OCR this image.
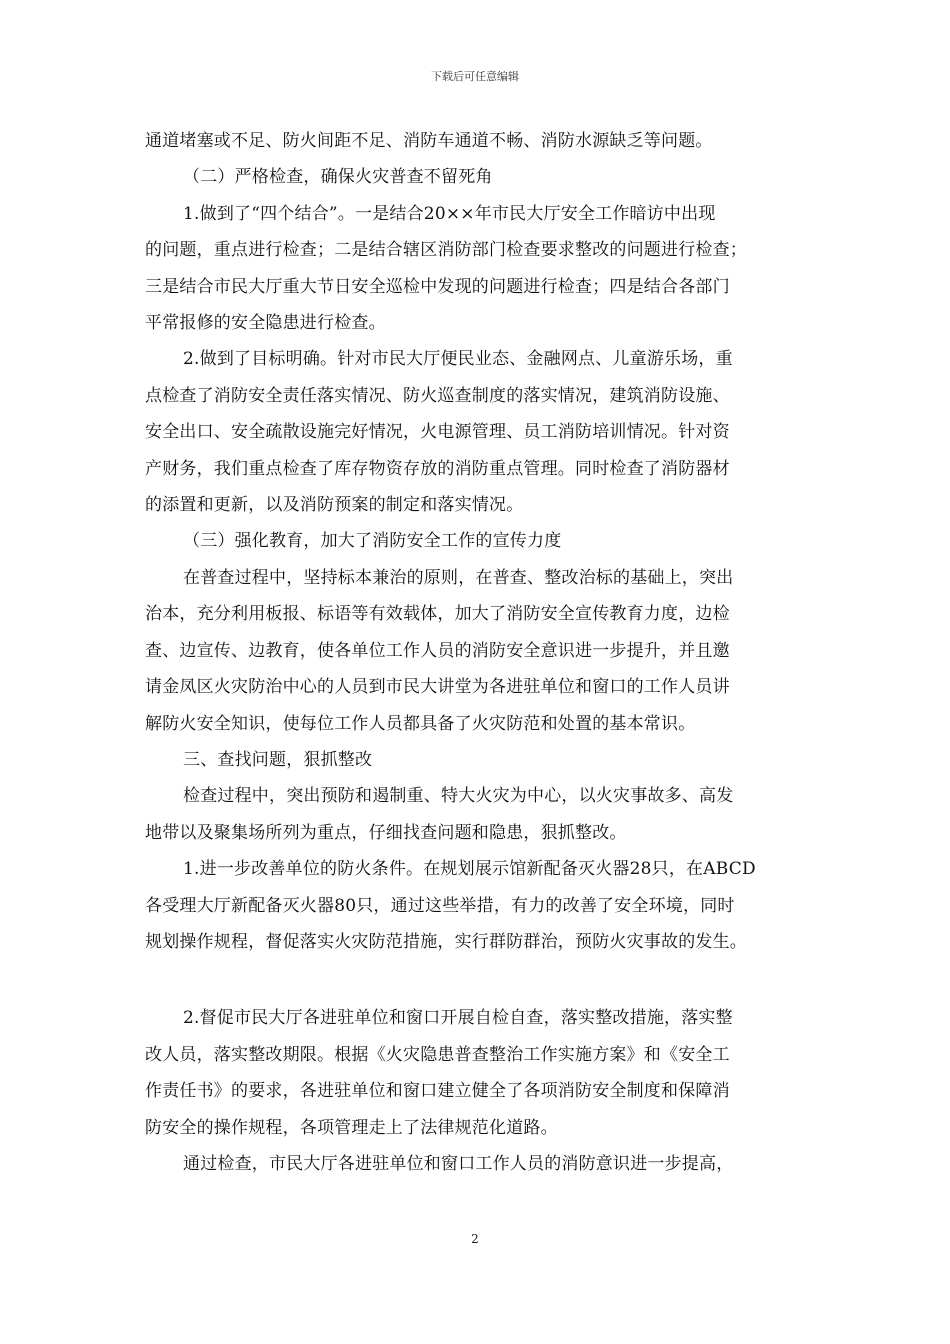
下载后可任意编辑

通道堵塞或不足、防火间距不足、消防车通道不畅、消防水源缺乏等问题。

（二）严格检查，确保火灾普查不留死角

1.做到了“四个结合”。一是结合20××年市民大厅安全工作暗访中出现
的问题，重点进行检查；二是结合辖区消防部门检查要求整改的问题进行检查；
三是结合市民大厅重大节日安全巡检中发现的问题进行检查；四是结合各部门
平常报修的安全隐患进行检查。

2.做到了目标明确。针对市民大厅便民业态、金融网点、儿童游乐场，重
点检查了消防安全责任落实情况、防火巡查制度的落实情况，建筑消防设施、
安全出口、安全疏散设施完好情况，火电源管理、员工消防培训情况。针对资
产财务，我们重点检查了库存物资存放的消防重点管理。同时检查了消防器材
的添置和更新，以及消防预案的制定和落实情况。

（三）强化教育，加大了消防安全工作的宣传力度

在普查过程中，坚持标本兼治的原则，在普查、整改治标的基础上，突出
治本，充分利用板报、标语等有效载体，加大了消防安全宣传教育力度，边检
查、边宣传、边教育，使各单位工作人员的消防安全意识进一步提升，并且邀
请金凤区火灾防治中心的人员到市民大讲堂为各进驻单位和窗口的工作人员讲
解防火安全知识，使每位工作人员都具备了火灾防范和处置的基本常识。

三、查找问题，狠抓整改

检查过程中，突出预防和遏制重、特大火灾为中心，以火灾事故多、高发
地带以及聚集场所列为重点，仔细找查问题和隐患，狠抓整改。

1.进一步改善单位的防火条件。在规划展示馆新配备灭火器28只，在ABCD
各受理大厅新配备灭火器80只，通过这些举措，有力的改善了安全环境，同时
规划操作规程，督促落实火灾防范措施，实行群防群治，预防火灾事故的发生。

2.督促市民大厅各进驻单位和窗口开展自检自查，落实整改措施，落实整
改人员，落实整改期限。根据《火灾隐患普查整治工作实施方案》和《安全工
作责任书》的要求，各进驻单位和窗口建立健全了各项消防安全制度和保障消
防安全的操作规程，各项管理走上了法律规范化道路。

通过检查，市民大厅各进驻单位和窗口工作人员的消防意识进一步提高，

2
